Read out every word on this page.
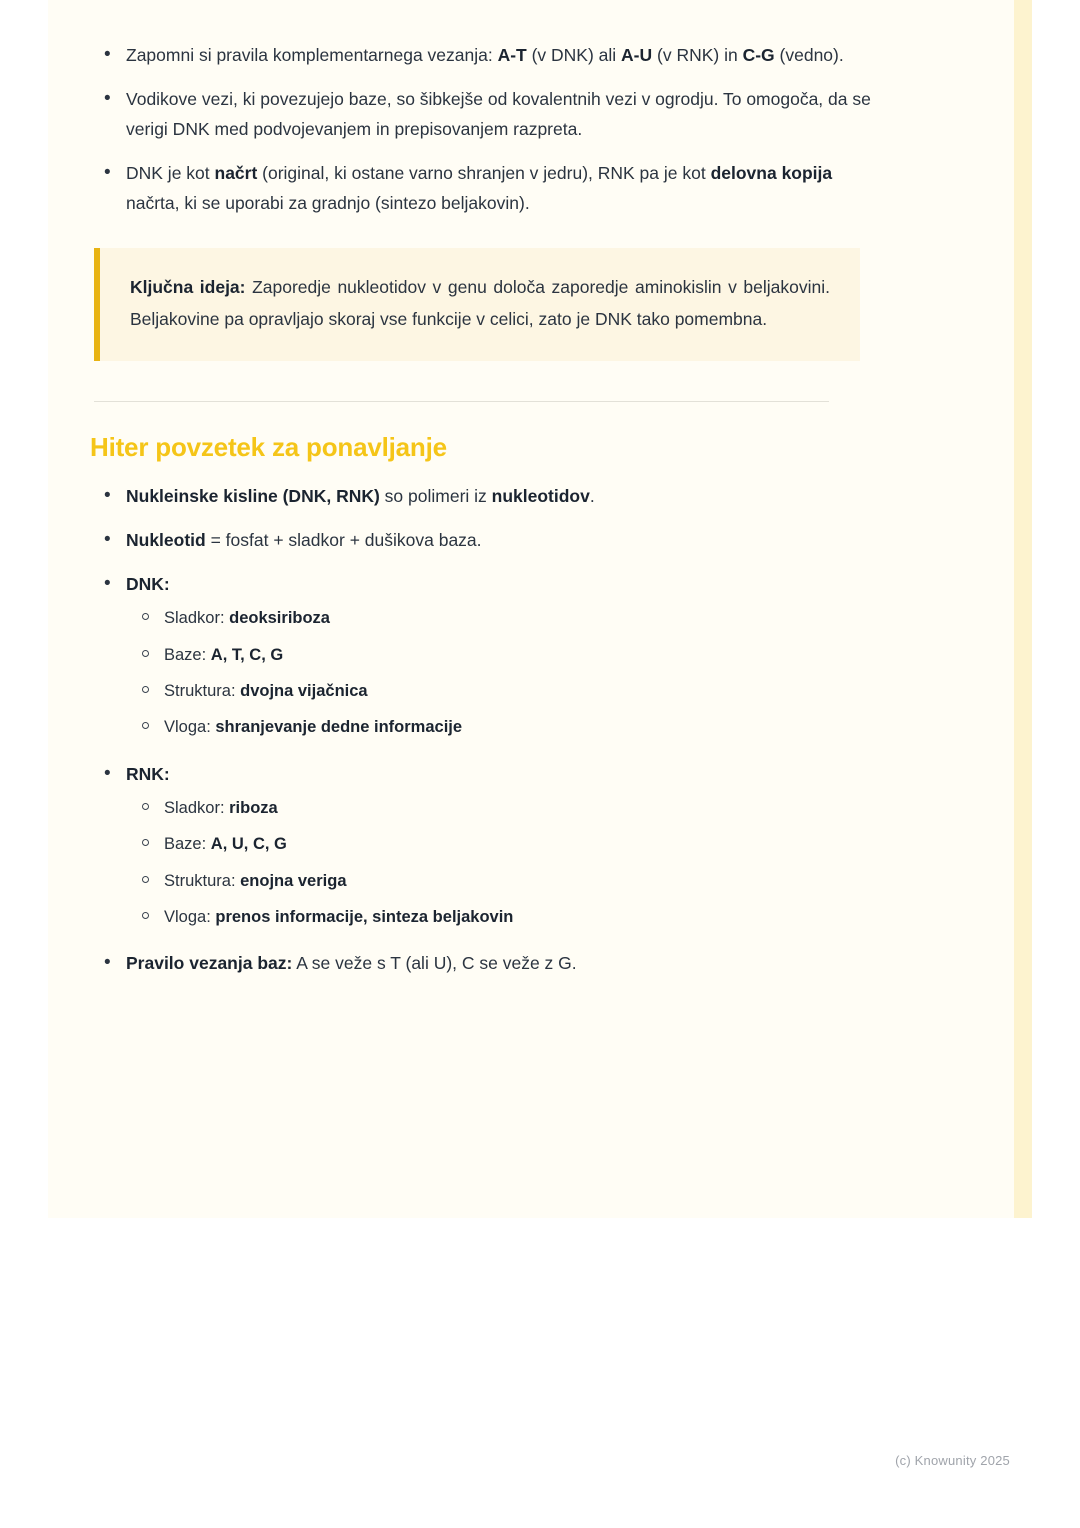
• Zapomni si pravila komplementarnega vezanja: A-T (v DNK) ali A-U (v RNK) in C-G (vedno).
• Vodikove vezi, ki povezujejo baze, so šibkejše od kovalentnih vezi v ogrodju. To omogoča, da se verigi DNK med podvojevanjem in prepisovanjem razpreta.
• DNK je kot načrt (original, ki ostane varno shranjen v jedru), RNK pa je kot delovna kopija načrta, ki se uporabi za gradnjo (sintezo beljakovin).

Ključna ideja: Zaporedje nukleotidov v genu določa zaporedje aminokislin v beljakovini. Beljakovine pa opravljajo skoraj vse funkcije v celici, zato je DNK tako pomembna.

Hiter povzetek za ponavljanje
• Nukleinske kisline (DNK, RNK) so polimeri iz nukleotidov.
• Nukleotid = fosfat + sladkor + dušikova baza.
• DNK:
Sladkor: deoksiriboza
Baze: A, T, C, G
Struktura: dvojna vijačnica
Vloga: shranjevanje dedne informacije
• RNK:
Sladkor: riboza
Baze: A, U, C, G
Struktura: enojna veriga
Vloga: prenos informacije, sinteza beljakovin
• Pravilo vezanja baz: A se veže s T (ali U), C se veže z G.
(c) Knowunity 2025
